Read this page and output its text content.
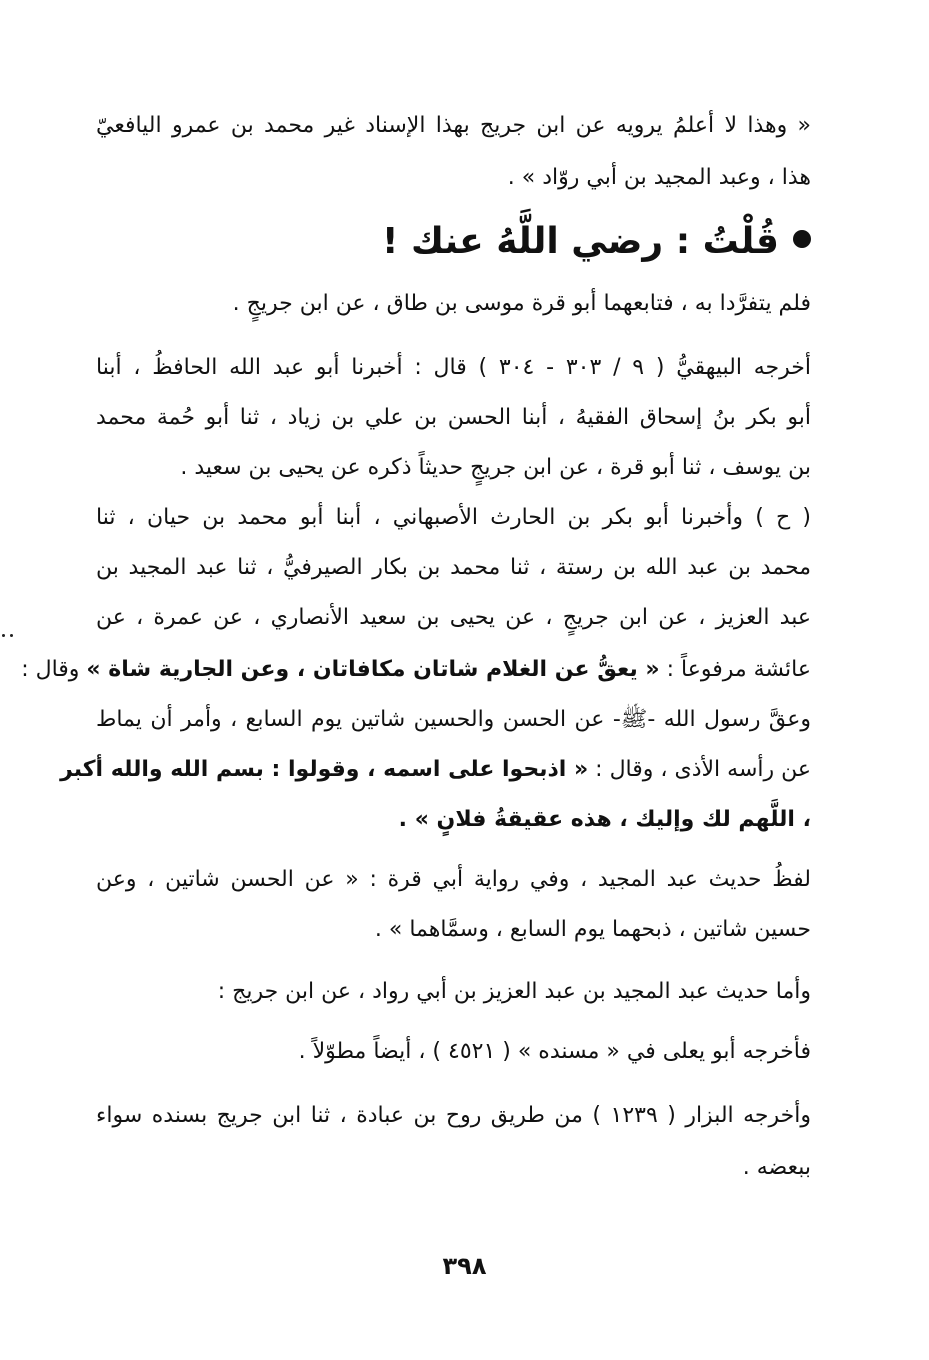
« وهذا لا أعلمُ يرويه عن ابن جريج بهذا الإسناد غير محمد بن عمرو اليافعيّ
هذا ، وعبد المجيد بن أبي روّاد » .
قُلْتُ : رضي اللَّهُ عنك !
فلم يتفرَّدا به ، فتابعهما أبو قرة موسى بن طاق ، عن ابن جريجٍ .
أخرجه البيهقيُّ ( ٩ / ٣٠٣ - ٣٠٤ ) قال : أخبرنا أبو عبد الله الحافظُ ، أبنا
أبو بكر بنُ إسحاق الفقيهُ ، أبنا الحسن بن علي بن زياد ، ثنا أبو حُمة محمد
بن يوسف ، ثنا أبو قرة ، عن ابن جريجٍ حديثاً ذكره عن يحيى بن سعيد .
( ح ) وأخبرنا أبو بكر بن الحارث الأصبهاني ، أبنا أبو محمد بن حيان ، ثنا
محمد بن عبد الله بن رستة ، ثنا محمد بن بكار الصيرفيُّ ، ثنا عبد المجيد بن
عبد العزيز ، عن ابن جريجٍ ، عن يحيى بن سعيد الأنصاري ، عن عمرة ، عن
عائشة مرفوعاً : « يعقُّ عن الغلام شاتان مكافاتان ، وعن الجارية شاة » وقال :
وعقَّ رسول الله -ﷺ- عن الحسن والحسين شاتين يوم السابع ، وأمر أن يماط
عن رأسه الأذى ، وقال : « اذبحوا على اسمه ، وقولوا : بسم الله والله أكبر
، اللَّهم لك وإليك ، هذه عقيقةُ فلانٍ » .
لفظُ حديث عبد المجيد ، وفي رواية أبي قرة : « عن الحسن شاتين ، وعن
حسين شاتين ، ذبحهما يوم السابع ، وسمَّاهما » .
وأما حديث عبد المجيد بن عبد العزيز بن أبي رواد ، عن ابن جريج :
فأخرجه أبو يعلى في « مسنده » ( ٤٥٢١ ) ، أيضاً مطوّلاً .
وأخرجه البزار ( ١٢٣٩ ) من طريق روح بن عبادة ، ثنا ابن جريج بسنده سواء
ببعضه .
٣٩٨
